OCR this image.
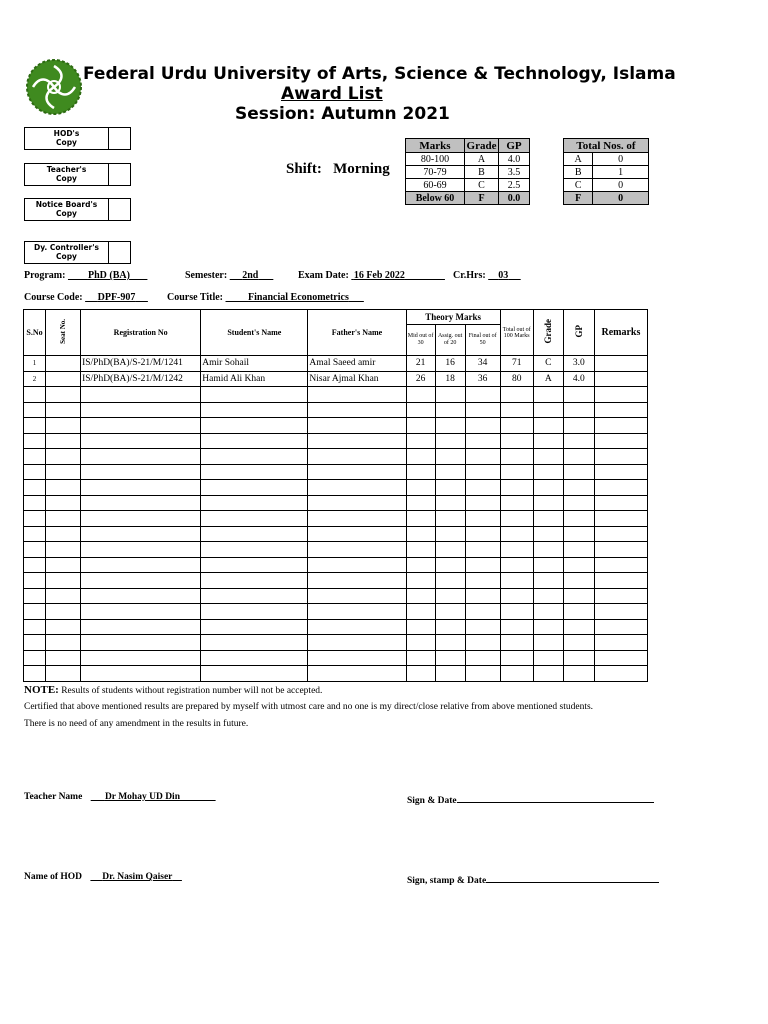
Federal Urdu University of Arts, Science & Technology, Islama
Award List
Session: Autumn 2021
HOD's
Copy
Teacher's
Copy
Notice Board's
Copy
Dy. Controller's
Copy
Shift: Morning
Marks	Grade	GP
80-100	A	4.0
70-79	B	3.5
60-69	C	2.5
Below 60	F	0.0
Total Nos. of	
A	0
B	1
C	0
F	0
Program: PhD (BA)	Semester: 2nd	Exam Date: 16 Feb 2022	Cr.Hrs: 03
Course Code: DPF-907	Course Title:	Financial Econometrics
S.No	Seat No.	Registration No	Student's Name	Father's Name	Theory Marks			Total out of 100 Marks	Grade	GP	Remarks
					Mid out of 30	Assig. out of 20	Final out of 50				
1		IS/PhD(BA)/S-21/M/1241	Amir Sohail	Amal Saeed amir	21	16	34	71	C	3.0	
2		IS/PhD(BA)/S-21/M/1242	Hamid Ali Khan	Nisar Ajmal Khan	26	18	36	80	A	4.0	

NOTE: Results of students without registration number will not be accepted.
Certified that above mentioned results are prepared by myself with utmost care and no one is my direct/close relative from above mentioned students.
There is no need of any amendment in the results in future.
Teacher Name Dr Mohay UD Din	Sign & Date
Name of HOD Dr. Nasim Qaiser	Sign, stamp & Date
